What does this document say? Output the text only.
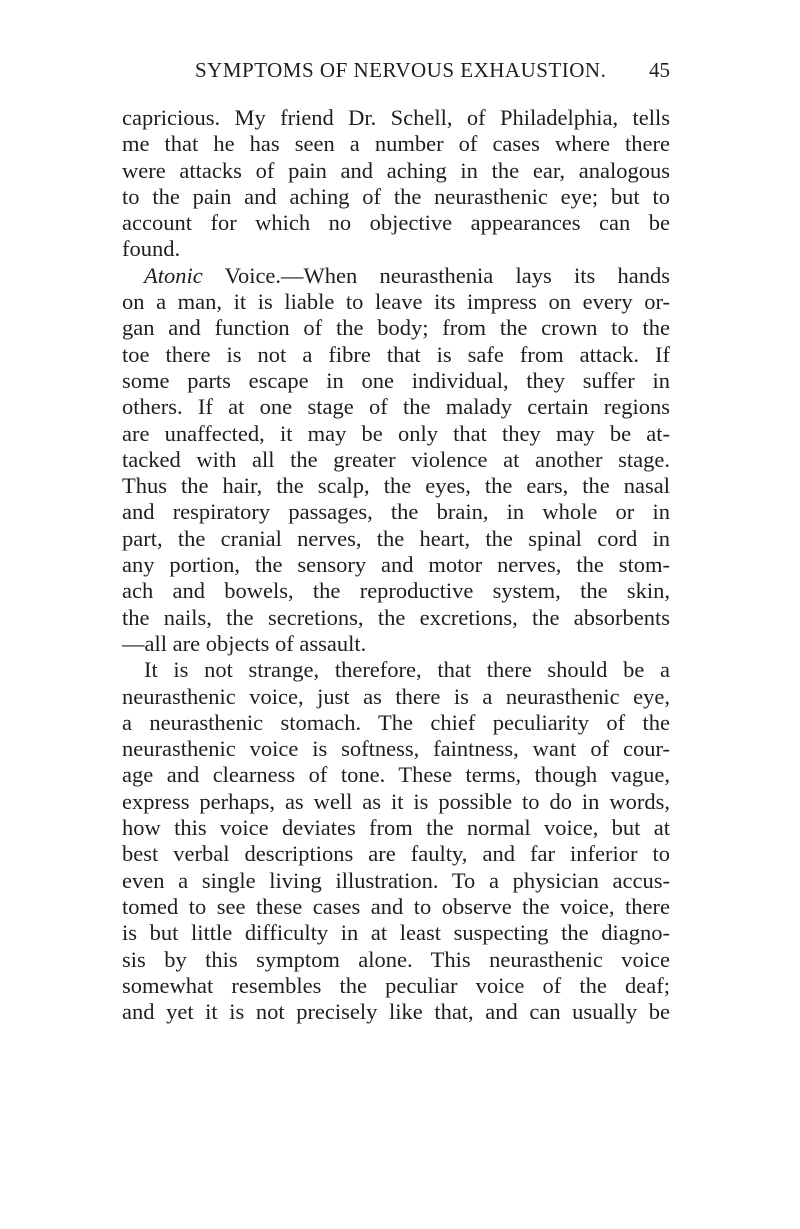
SYMPTOMS OF NERVOUS EXHAUSTION. 45
capricious. My friend Dr. Schell, of Philadelphia, tells
me that he has seen a number of cases where there
were attacks of pain and aching in the ear, analogous
to the pain and aching of the neurasthenic eye; but to
account for which no objective appearances can be
found.
Atonic Voice.—When neurasthenia lays its hands
on a man, it is liable to leave its impress on every or-
gan and function of the body; from the crown to the
toe there is not a fibre that is safe from attack. If
some parts escape in one individual, they suffer in
others. If at one stage of the malady certain regions
are unaffected, it may be only that they may be at-
tacked with all the greater violence at another stage.
Thus the hair, the scalp, the eyes, the ears, the nasal
and respiratory passages, the brain, in whole or in
part, the cranial nerves, the heart, the spinal cord in
any portion, the sensory and motor nerves, the stom-
ach and bowels, the reproductive system, the skin,
the nails, the secretions, the excretions, the absorbents
—all are objects of assault.
It is not strange, therefore, that there should be a
neurasthenic voice, just as there is a neurasthenic eye,
a neurasthenic stomach. The chief peculiarity of the
neurasthenic voice is softness, faintness, want of cour-
age and clearness of tone. These terms, though vague,
express perhaps, as well as it is possible to do in words,
how this voice deviates from the normal voice, but at
best verbal descriptions are faulty, and far inferior to
even a single living illustration. To a physician accus-
tomed to see these cases and to observe the voice, there
is but little difficulty in at least suspecting the diagno-
sis by this symptom alone. This neurasthenic voice
somewhat resembles the peculiar voice of the deaf;
and yet it is not precisely like that, and can usually be
